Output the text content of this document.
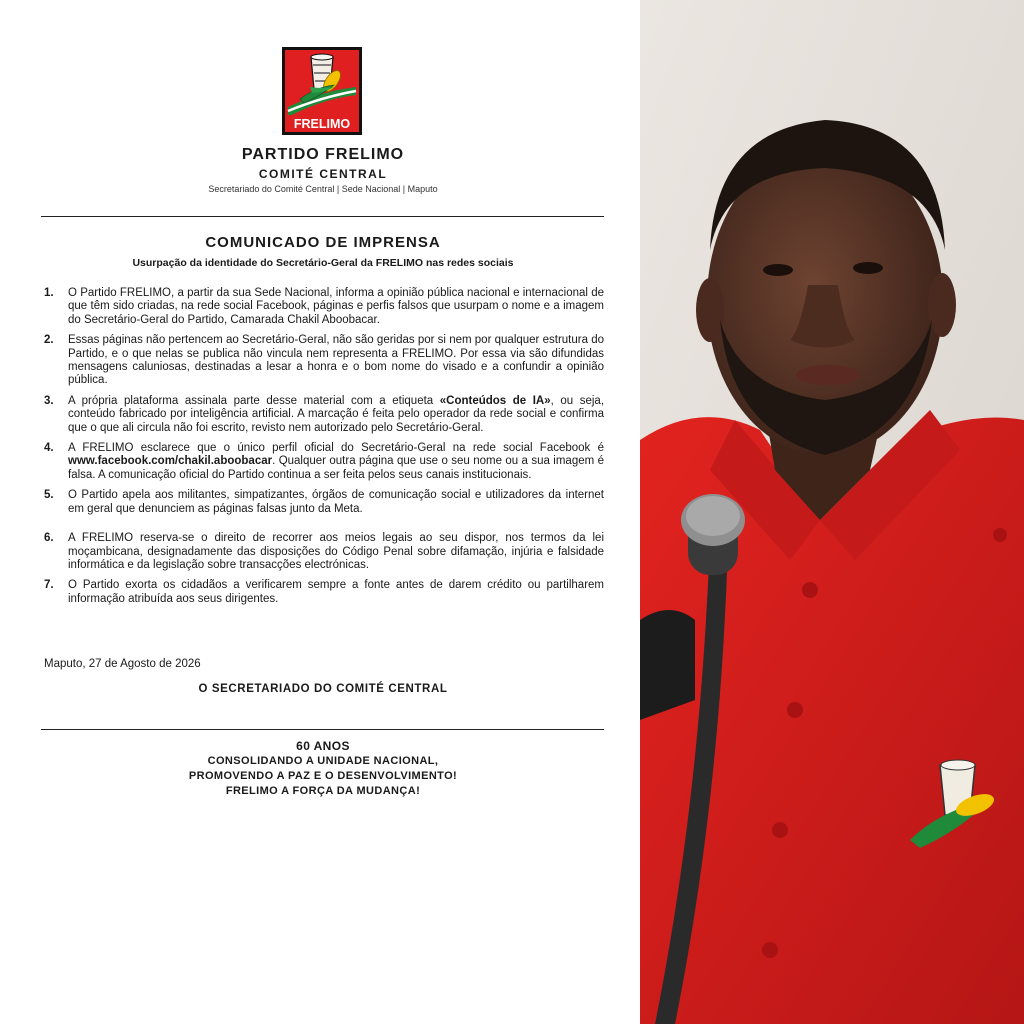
FRELIMO
PARTIDO FRELIMO
COMITÉ CENTRAL
Secretariado do Comité Central | Sede Nacional | Maputo
COMUNICADO DE IMPRENSA
Usurpação da identidade do Secretário-Geral da FRELIMO nas redes sociais
1. O Partido FRELIMO, a partir da sua Sede Nacional, informa a opinião pública nacional e internacional de que têm sido criadas, na rede social Facebook, páginas e perfis falsos que usurpam o nome e a imagem do Secretário-Geral do Partido, Camarada Chakil Aboobacar.
2. Essas páginas não pertencem ao Secretário-Geral, não são geridas por si nem por qualquer estrutura do Partido, e o que nelas se publica não vincula nem representa a FRELIMO. Por essa via são difundidas mensagens caluniosas, destinadas a lesar a honra e o bom nome do visado e a confundir a opinião pública.
3. A própria plataforma assinala parte desse material com a etiqueta «Conteúdos de IA», ou seja, conteúdo fabricado por inteligência artificial. A marcação é feita pelo operador da rede social e confirma que o que ali circula não foi escrito, revisto nem autorizado pelo Secretário-Geral.
4. A FRELIMO esclarece que o único perfil oficial do Secretário-Geral na rede social Facebook é www.facebook.com/chakil.aboobacar. Qualquer outra página que use o seu nome ou a sua imagem é falsa. A comunicação oficial do Partido continua a ser feita pelos seus canais institucionais.
5. O Partido apela aos militantes, simpatizantes, órgãos de comunicação social e utilizadores da internet em geral que denunciem as páginas falsas junto da Meta.
6. A FRELIMO reserva-se o direito de recorrer aos meios legais ao seu dispor, nos termos da lei moçambicana, designadamente das disposições do Código Penal sobre difamação, injúria e falsidade informática e da legislação sobre transacções electrónicas.
7. O Partido exorta os cidadãos a verificarem sempre a fonte antes de darem crédito ou partilharem informação atribuída aos seus dirigentes.
Maputo, 27 de Agosto de 2026
O SECRETARIADO DO COMITÉ CENTRAL
60 ANOS
CONSOLIDANDO A UNIDADE NACIONAL,
PROMOVENDO A PAZ E O DESENVOLVIMENTO!
FRELIMO A FORÇA DA MUDANÇA!
